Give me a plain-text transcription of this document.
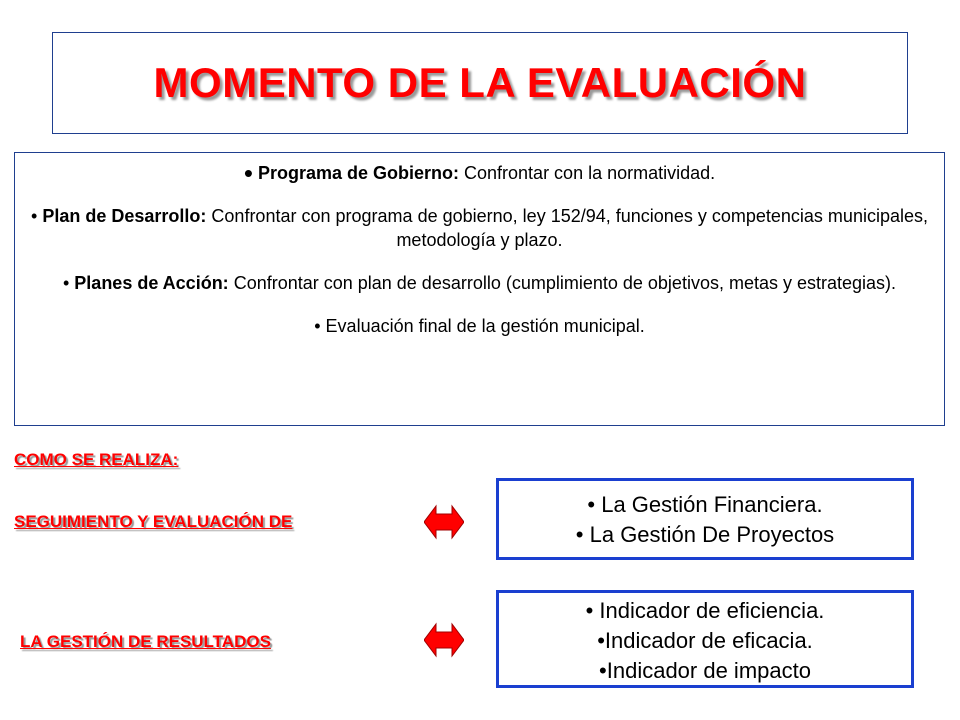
MOMENTO DE LA EVALUACIÓN

• Programa de Gobierno: Confrontar con la normatividad.

• Plan de Desarrollo: Confrontar con programa de gobierno, ley 152/94, funciones y competencias municipales, metodología y plazo.

• Planes de Acción: Confrontar con plan de desarrollo (cumplimiento de objetivos, metas y estrategias).

• Evaluación final de la gestión municipal.

COMO SE REALIZA:
SEGUIMIENTO Y EVALUACIÓN DE
LA GESTIÓN DE RESULTADOS
• La Gestión Financiera.
• La Gestión De Proyectos
• Indicador de eficiencia.
•Indicador de eficacia.
•Indicador de impacto
